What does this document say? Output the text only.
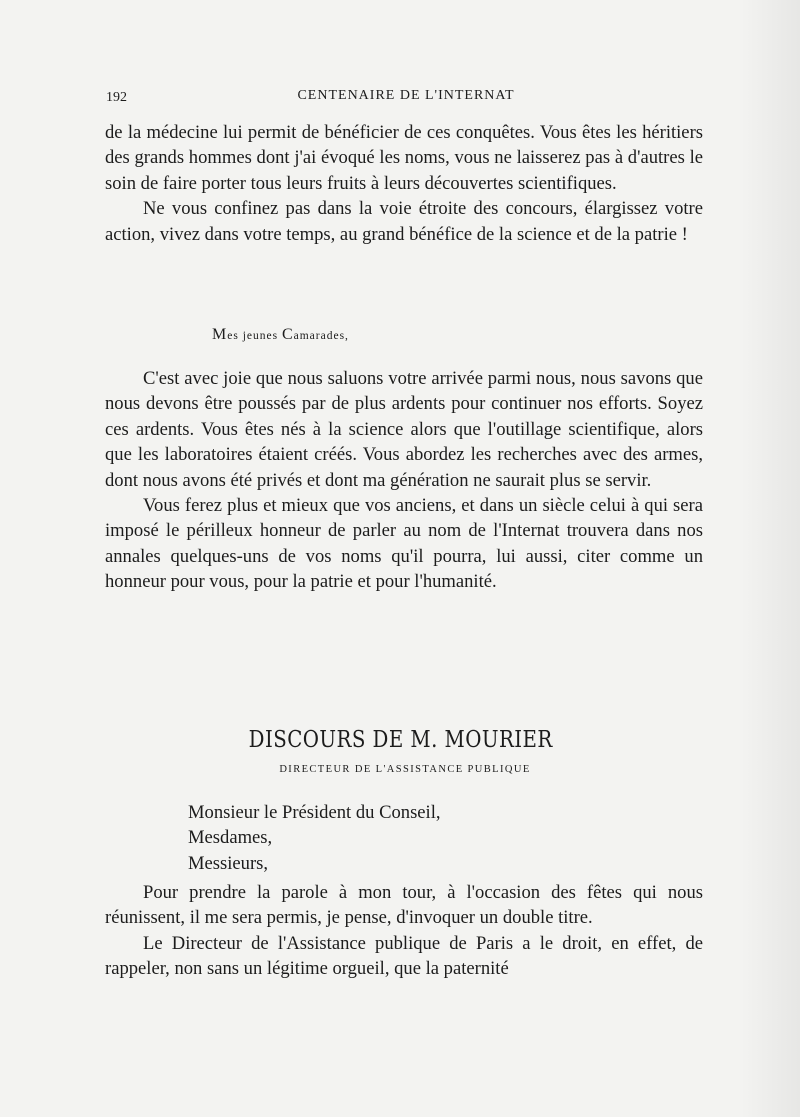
192	CENTENAIRE DE L'INTERNAT

de la médecine lui permit de bénéficier de ces conquêtes. Vous êtes les héritiers des grands hommes dont j'ai évoqué les noms, vous ne laisserez pas à d'autres le soin de faire porter tous leurs fruits à leurs découvertes scientifiques.

Ne vous confinez pas dans la voie étroite des concours, élargissez votre action, vivez dans votre temps, au grand bénéfice de la science et de la patrie !

Mes jeunes Camarades,

C'est avec joie que nous saluons votre arrivée parmi nous, nous savons que nous devons être poussés par de plus ardents pour continuer nos efforts. Soyez ces ardents. Vous êtes nés à la science alors que l'outillage scientifique, alors que les laboratoires étaient créés. Vous abordez les recherches avec des armes, dont nous avons été privés et dont ma génération ne saurait plus se servir.

Vous ferez plus et mieux que vos anciens, et dans un siècle celui à qui sera imposé le périlleux honneur de parler au nom de l'Internat trouvera dans nos annales quelques-uns de vos noms qu'il pourra, lui aussi, citer comme un honneur pour vous, pour la patrie et pour l'humanité.

DISCOURS DE M. MOURIER
DIRECTEUR DE L'ASSISTANCE PUBLIQUE
Monsieur le Président du Conseil,
Mesdames,
Messieurs,

Pour prendre la parole à mon tour, à l'occasion des fêtes qui nous réunissent, il me sera permis, je pense, d'invoquer un double titre.

Le Directeur de l'Assistance publique de Paris a le droit, en effet, de rappeler, non sans un légitime orgueil, que la paternité
